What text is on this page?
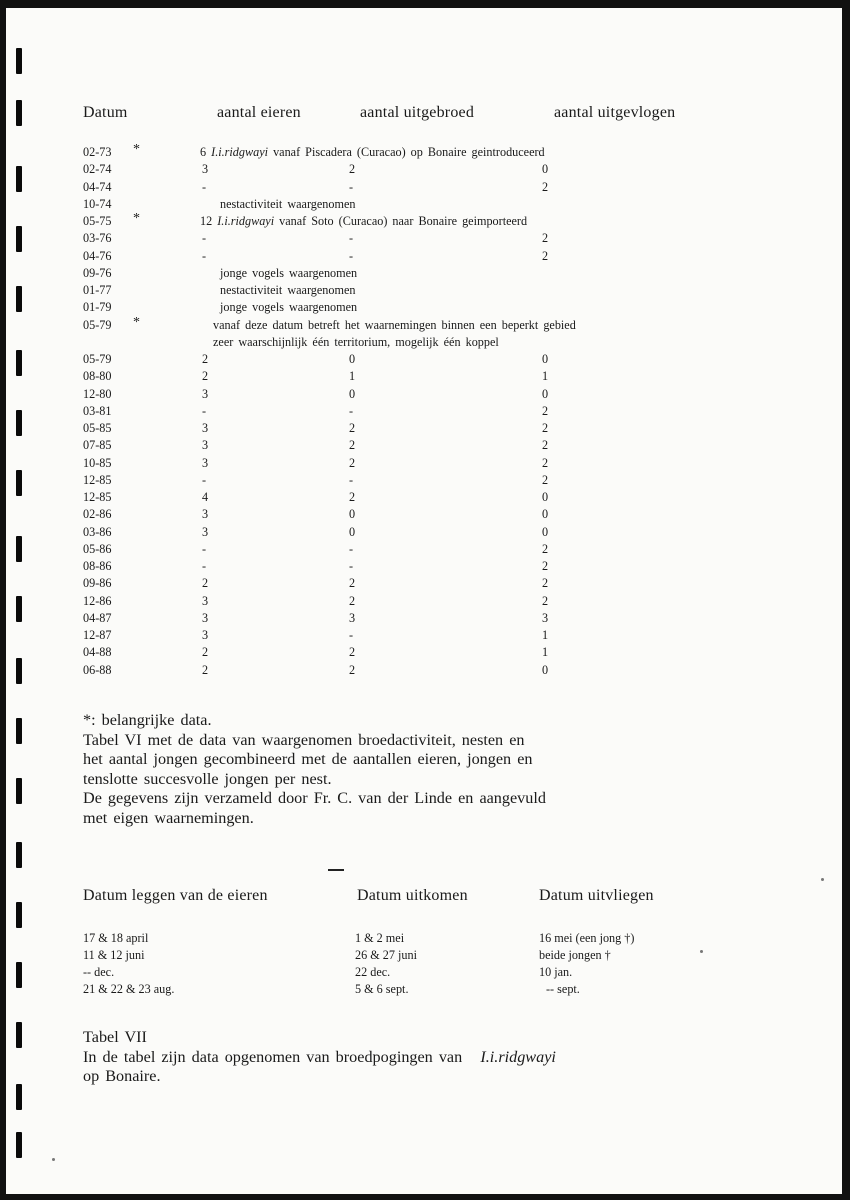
Datum	aantal eieren	aantal uitgebroed	aantal uitgevlogen
02-73 *	6 I.i.ridgwayi vanaf Piscadera (Curacao) op Bonaire geintroduceerd
02-74	3	2	0
04-74	-	-	2
10-74	nestactiviteit waargenomen
05-75 *	12 I.i.ridgwayi vanaf Soto (Curacao) naar Bonaire geimporteerd
03-76	-	-	2
04-76	-	-	2
09-76	jonge vogels waargenomen
01-77	nestactiviteit waargenomen
01-79	jonge vogels waargenomen
05-79 *	vanaf deze datum betreft het waarnemingen binnen een beperkt gebied
zeer waarschijnlijk één territorium, mogelijk één koppel
05-79	2	0	0
08-80	2	1	1
12-80	3	0	0
03-81	-	-	2
05-85	3	2	2
07-85	3	2	2
10-85	3	2	2
12-85	-	-	2
12-85	4	2	0
02-86	3	0	0
03-86	3	0	0
05-86	-	-	2
08-86	-	-	2
09-86	2	2	2
12-86	3	2	2
04-87	3	3	3
12-87	3	-	1
04-88	2	2	1
06-88	2	2	0

*: belangrijke data.

Tabel VI met de data van waargenomen broedactiviteit, nesten en

het aantal jongen gecombineerd met de aantallen eieren, jongen en

tenslotte succesvolle jongen per nest.

De gegevens zijn verzameld door Fr. C. van der Linde en aangevuld

met eigen waarnemingen.

Datum leggen van de eieren	Datum uitkomen	Datum uitvliegen
17 & 18 april	1 & 2 mei	16 mei (een jong †)
11 & 12 juni	26 & 27 juni	beide jongen †
-- dec.	22 dec.	10 jan.
21 & 22 & 23 aug.	5 & 6 sept.	-- sept.

Tabel VII

In de tabel zijn data opgenomen van broedpogingen van I.i.ridgwayi

op Bonaire.
